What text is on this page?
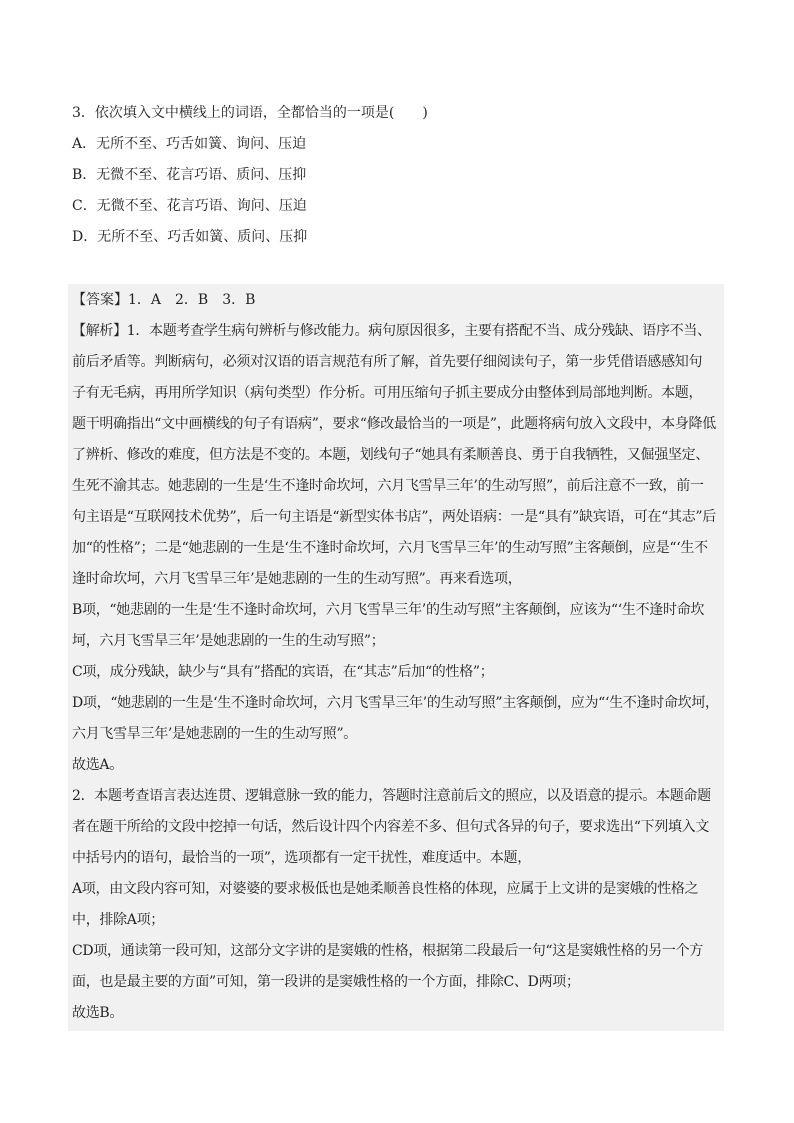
3．依次填入文中横线上的词语，全都恰当的一项是(　　)
A．无所不至、巧舌如簧、询问、压迫
B．无微不至、花言巧语、质问、压抑
C．无微不至、花言巧语、询问、压迫
D．无所不至、巧舌如簧、质问、压抑
【答案】1．A　2．B　3．B
【解析】1．本题考查学生病句辨析与修改能力。病句原因很多，主要有搭配不当、成分残缺、语序不当、
前后矛盾等。判断病句，必须对汉语的语言规范有所了解，首先要仔细阅读句子，第一步凭借语感感知句
子有无毛病，再用所学知识（病句类型）作分析。可用压缩句子抓主要成分由整体到局部地判断。本题，
题干明确指出“文中画横线的句子有语病”，要求“修改最恰当的一项是”，此题将病句放入文段中，本身降低
了辨析、修改的难度，但方法是不变的。本题，划线句子“她具有柔顺善良、勇于自我牺牲，又倔强坚定、
生死不渝其志。她悲剧的一生是‘生不逢时命坎坷，六月飞雪旱三年’的生动写照”，前后注意不一致，前一
句主语是“互联网技术优势”，后一句主语是“新型实体书店”，两处语病：一是“具有”缺宾语，可在“其志”后
加“的性格”；二是“她悲剧的一生是‘生不逢时命坎坷，六月飞雪旱三年’的生动写照”主客颠倒，应是“‘生不
逢时命坎坷，六月飞雪旱三年’是她悲剧的一生的生动写照”。再来看选项，
B项，“她悲剧的一生是‘生不逢时命坎坷，六月飞雪旱三年’的生动写照”主客颠倒，应该为“‘生不逢时命坎
坷，六月飞雪旱三年’是她悲剧的一生的生动写照”；
C项，成分残缺，缺少与“具有”搭配的宾语，在“其志”后加“的性格”；
D项，“她悲剧的一生是‘生不逢时命坎坷，六月飞雪旱三年’的生动写照”主客颠倒，应为“‘生不逢时命坎坷，
六月飞雪旱三年’是她悲剧的一生的生动写照”。
故选A。
2．本题考查语言表达连贯、逻辑意脉一致的能力，答题时注意前后文的照应，以及语意的提示。本题命题
者在题干所给的文段中挖掉一句话，然后设计四个内容差不多、但句式各异的句子，要求选出“下列填入文
中括号内的语句，最恰当的一项”，选项都有一定干扰性，难度适中。本题，
A项，由文段内容可知，对婆婆的要求极低也是她柔顺善良性格的体现，应属于上文讲的是窦娥的性格之
中，排除A项；
CD项，通读第一段可知，这部分文字讲的是窦娥的性格，根据第二段最后一句“这是窦娥性格的另一个方
面，也是最主要的方面”可知，第一段讲的是窦娥性格的一个方面，排除C、D两项；
故选B。
